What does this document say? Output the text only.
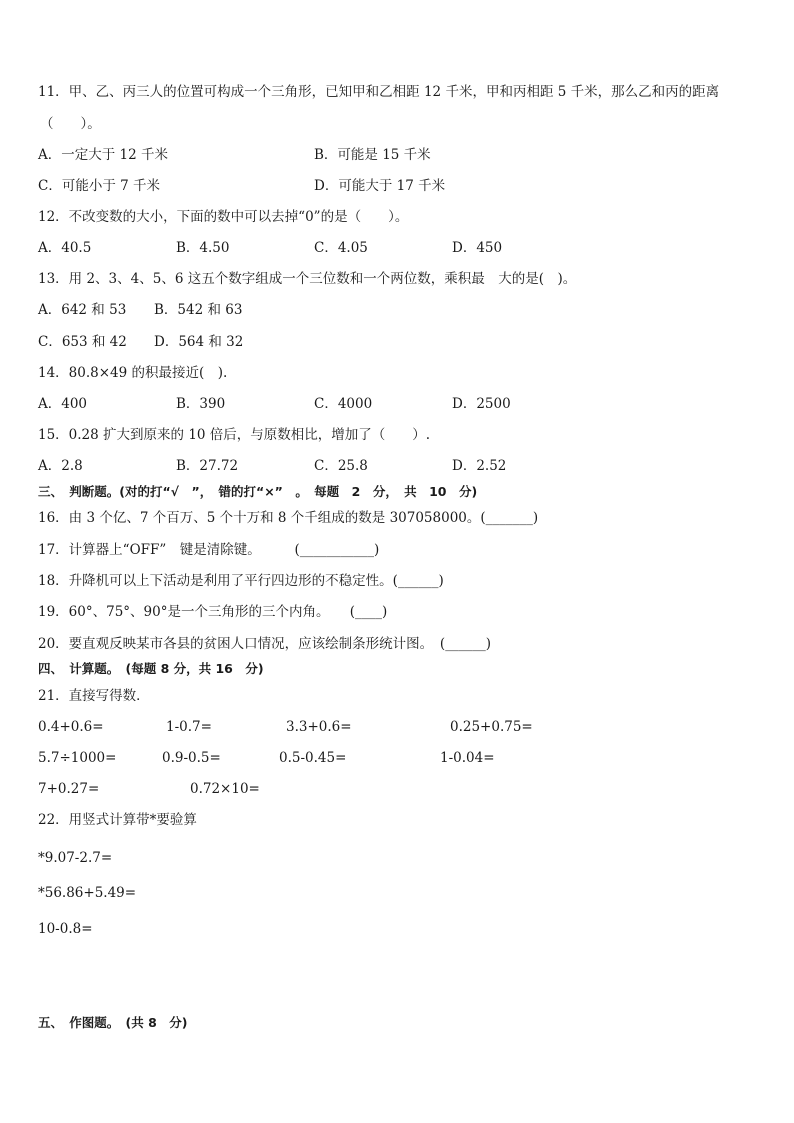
11．甲、乙、丙三人的位置可构成一个三角形，已知甲和乙相距 12 千米，甲和丙相距 5 千米，那么乙和丙的距离
（　　）。
A．一定大于 12 千米	B．可能是 15 千米
C．可能小于 7 千米	D．可能大于 17 千米
12．不改变数的大小，下面的数中可以去掉“0”的是（　　）。
A．40.5	B．4.50	C．4.05	D．450
13．用 2、3、4、5、6 这五个数字组成一个三位数和一个两位数，乘积最　大的是(　)。
A．642 和 53 B．542 和 63
C．653 和 42 D．564 和 32
14．80.8×49 的积最接近(　).
A．400	B．390	C．4000	D．2500
15．0.28 扩大到原来的 10 倍后，与原数相比，增加了（　　）.
A．2.8	B．27.72	C．25.8	D．2.52
三、　判断题。(对的打“√　”，　错的打“×”　。　每题　2　分，　共　10　分)
16．由 3 个亿、7 个百万、5 个十万和 8 个千组成的数是 307058000。(_______)
17．计算器上“OFF”　键是清除键。　　　(___________)
18．升降机可以上下活动是利用了平行四边形的不稳定性。(______)
19．60°、75°、90°是一个三角形的三个内角。　　(____)
20．要直观反映某市各县的贫困人口情况，应该绘制条形统计图。　(______)
四、　计算题。　(每题 8 分，共 16　分)
21．直接写得数．
0.4+0.6=	1-0.7=	3.3+0.6=	0.25+0.75=
5.7÷1000=	0.9-0.5=	0.5-0.45=	1-0.04=
7+0.27=	0.72×10=
22．用竖式计算带*要验算
*9.07-2.7=
*56.86+5.49=
10-0.8=
五、　作图题。　(共 8　分)
